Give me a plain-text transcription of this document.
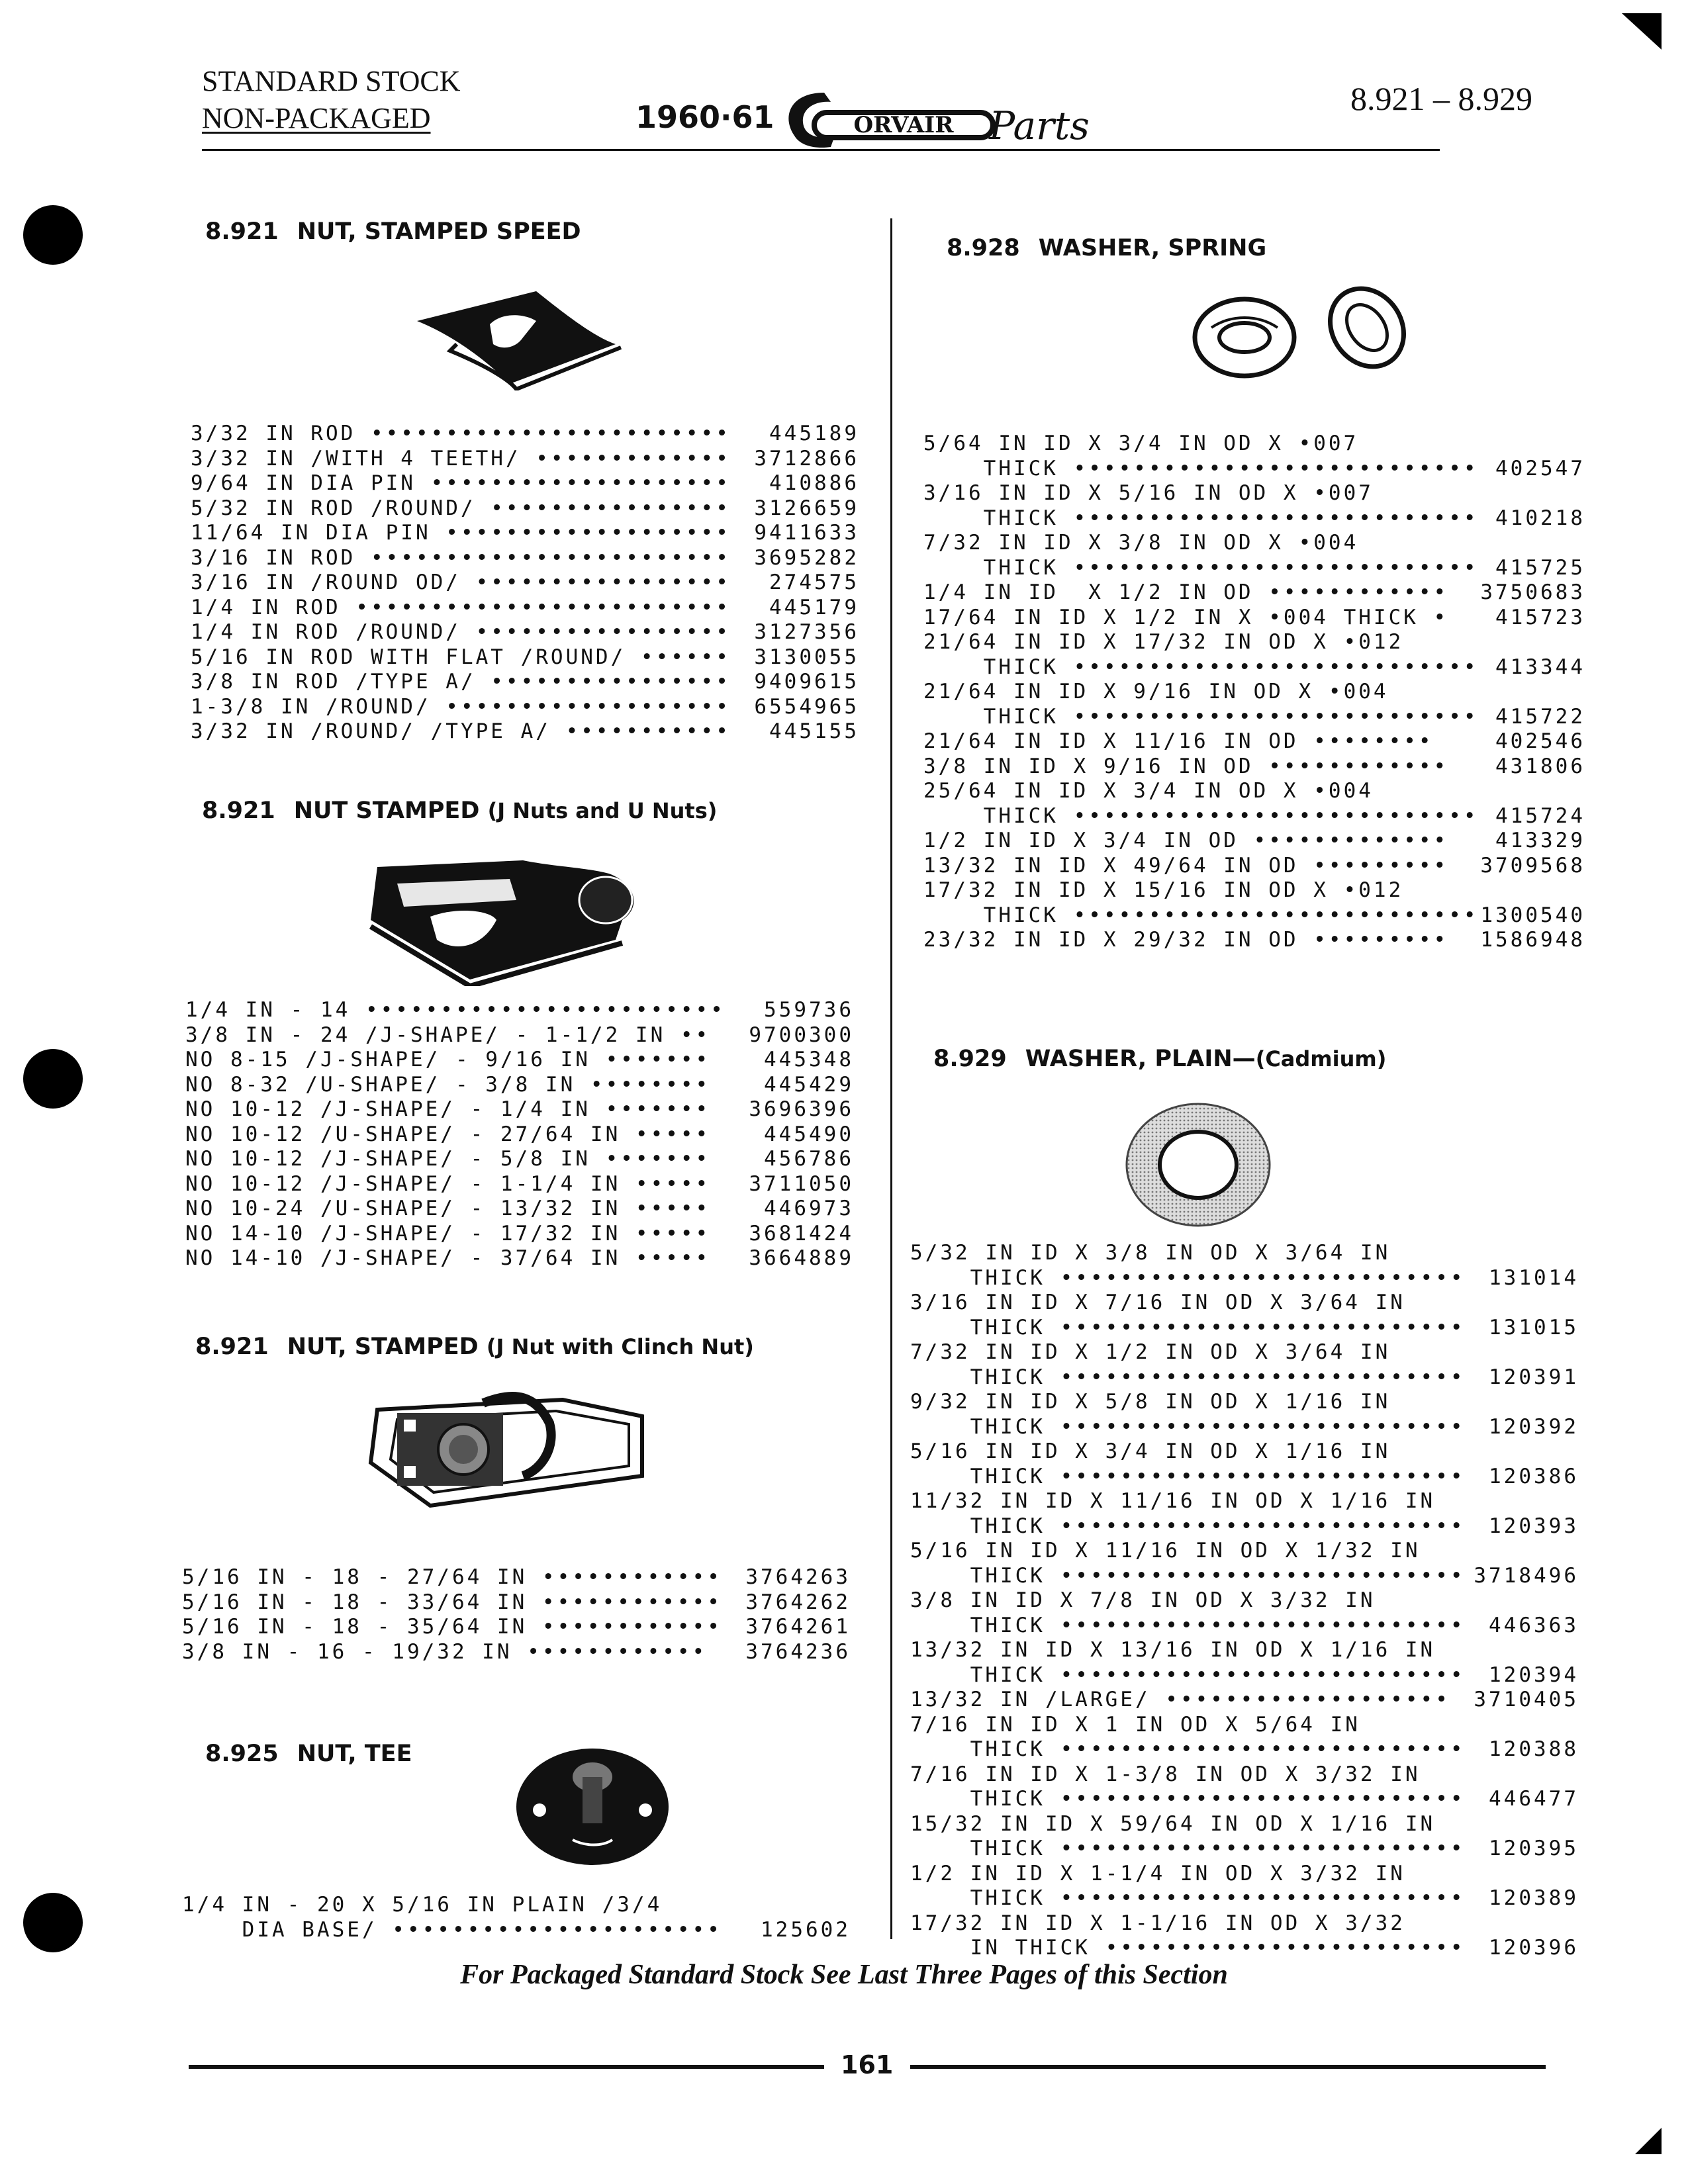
STANDARD STOCK
NON-PACKAGED	1960·61	ORVAIR Parts
8.921 – 8.929
8.921 NUT, STAMPED SPEED
3/32 IN ROD •••••••••••••••••••••••• 445189
3/32 IN /WITH 4 TEETH/ ••••••••••••• 3712866
9/64 IN DIA PIN •••••••••••••••••••• 410886
5/32 IN ROD /ROUND/ •••••••••••••••• 3126659
11/64 IN DIA PIN ••••••••••••••••••• 9411633
3/16 IN ROD •••••••••••••••••••••••• 3695282
3/16 IN /ROUND OD/ ••••••••••••••••• 274575
1/4 IN ROD ••••••••••••••••••••••••• 445179
1/4 IN ROD /ROUND/ ••••••••••••••••• 3127356
5/16 IN ROD WITH FLAT /ROUND/ •••••• 3130055
3/8 IN ROD /TYPE A/ •••••••••••••••• 9409615
1-3/8 IN /ROUND/ ••••••••••••••••••• 6554965
3/32 IN /ROUND/ /TYPE A/ ••••••••••• 445155
8.921 NUT STAMPED (J Nuts and U Nuts)
1/4 IN - 14 •••••••••••••••••••••••• 559736
3/8 IN - 24 /J-SHAPE/ - 1-1/2 IN •• 9700300
NO 8-15 /J-SHAPE/ - 9/16 IN •••••••	445348
NO 8-32 /U-SHAPE/ - 3/8 IN ••••••••	445429
NO 10-12 /J-SHAPE/ - 1/4 IN ••••••• 3696396
NO 10-12 /U-SHAPE/ - 27/64 IN •••••	445490
NO 10-12 /J-SHAPE/ - 5/8 IN •••••••	456786
NO 10-12 /J-SHAPE/ - 1-1/4 IN ••••• 3711050
NO 10-24 /U-SHAPE/ - 13/32 IN •••••	446973
NO 14-10 /J-SHAPE/ - 17/32 IN ••••• 3681424
NO 14-10 /J-SHAPE/ - 37/64 IN ••••• 3664889
8.921 NUT, STAMPED (J Nut with Clinch Nut)
5/16 IN - 18 - 27/64 IN •••••••••••• 3764263
5/16 IN - 18 - 33/64 IN •••••••••••• 3764262
5/16 IN - 18 - 35/64 IN •••••••••••• 3764261
3/8 IN - 16 - 19/32 IN •••••••••••• 3764236
8.925 NUT, TEE
1/4 IN - 20 X 5/16 IN PLAIN /3/4
DIA BASE/ •••••••••••••••••••••• 125602
8.928 WASHER, SPRING
5/64 IN ID X 3/4 IN OD X •007
THICK ••••••••••••••••••••••••••• 402547
3/16 IN ID X 5/16 IN OD X •007
THICK ••••••••••••••••••••••••••• 410218
7/32 IN ID X 3/8 IN OD X •004
THICK ••••••••••••••••••••••••••• 415725
1/4 IN ID  X 1/2 IN OD •••••••••••• 3750683
17/64 IN ID X 1/2 IN X •004 THICK • 415723
21/64 IN ID X 17/32 IN OD X •012
THICK ••••••••••••••••••••••••••• 413344
21/64 IN ID X 9/16 IN OD X •004
THICK ••••••••••••••••••••••••••• 415722
21/64 IN ID X 11/16 IN OD ••••••••	402546
3/8 IN ID X 9/16 IN OD •••••••••••• 431806
25/64 IN ID X 3/4 IN OD X •004
THICK ••••••••••••••••••••••••••• 415724
1/2 IN ID X 3/4 IN OD ••••••••••••• 413329
13/32 IN ID X 49/64 IN OD ••••••••• 3709568
17/32 IN ID X 15/16 IN OD X •012
THICK ••••••••••••••••••••••••••• 1300540
23/32 IN ID X 29/32 IN OD ••••••••• 1586948
8.929 WASHER, PLAIN—(Cadmium)
5/32 IN ID X 3/8 IN OD X 3/64 IN
THICK ••••••••••••••••••••••••••• 131014
3/16 IN ID X 7/16 IN OD X 3/64 IN
THICK ••••••••••••••••••••••••••• 131015
7/32 IN ID X 1/2 IN OD X 3/64 IN
THICK ••••••••••••••••••••••••••• 120391
9/32 IN ID X 5/8 IN OD X 1/16 IN
THICK ••••••••••••••••••••••••••• 120392
5/16 IN ID X 3/4 IN OD X 1/16 IN
THICK ••••••••••••••••••••••••••• 120386
11/32 IN ID X 11/16 IN OD X 1/16 IN
THICK ••••••••••••••••••••••••••• 120393
5/16 IN ID X 11/16 IN OD X 1/32 IN
THICK ••••••••••••••••••••••••••• 3718496
3/8 IN ID X 7/8 IN OD X 3/32 IN
THICK ••••••••••••••••••••••••••• 446363
13/32 IN ID X 13/16 IN OD X 1/16 IN
THICK ••••••••••••••••••••••••••• 120394
13/32 IN /LARGE/ ••••••••••••••••••• 3710405
7/16 IN ID X 1 IN OD X 5/64 IN
THICK ••••••••••••••••••••••••••• 120388
7/16 IN ID X 1-3/8 IN OD X 3/32 IN
THICK ••••••••••••••••••••••••••• 446477
15/32 IN ID X 59/64 IN OD X 1/16 IN
THICK ••••••••••••••••••••••••••• 120395
1/2 IN ID X 1-1/4 IN OD X 3/32 IN
THICK ••••••••••••••••••••••••••• 120389
17/32 IN ID X 1-1/16 IN OD X 3/32
IN THICK •••••••••••••••••••••••• 120396
For Packaged Standard Stock See Last Three Pages of this Section
161
